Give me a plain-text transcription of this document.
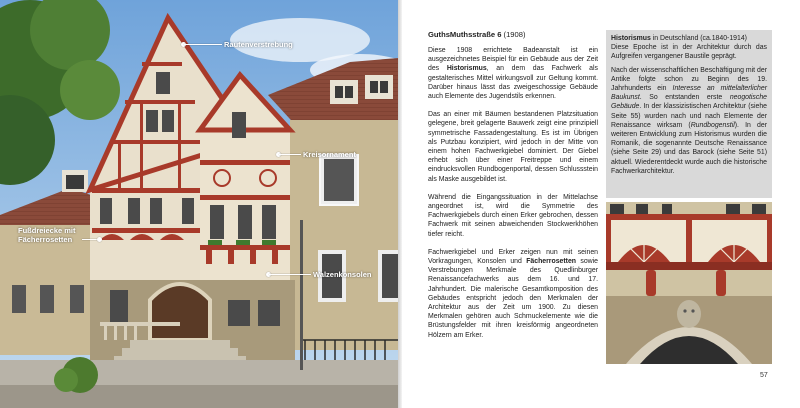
Rautenverstrebung
Kreisornament
Fußdreiecke mit
Fächerrosetten
Walzenkonsolen
GuthsMuthsstraße 6 (1908)

Diese 1908 errichtete Badeanstalt ist ein ausgezeichnetes Beispiel für ein Gebäude aus der Zeit des Historismus, an dem das Fachwerk als gestalterisches Mittel wirkungsvoll zur Geltung kommt. Darüber hinaus lässt das zweigeschossige Gebäude auch Elemente des Jugendstils erkennen.

Das an einer mit Bäumen bestandenen Platzsituation gelegene, breit gelagerte Bauwerk zeigt eine prinzipiell symmetrische Fassadengestaltung. Es ist im Übrigen als Putzbau konzipiert, wird jedoch in der Mitte von einem hohen Fachwerkgiebel dominiert. Der Giebel erhebt sich über einer Freitreppe und einem eindrucksvollen Rundbogenportal, dessen Schlussstein als Maske ausgebildet ist.

Während die Eingangssituation in der Mittelachse angeordnet ist, wird die Symmetrie des Fachwerkgiebels durch einen Erker gebrochen, dessen Fachwerk mit seinen abweichenden Stockwerkhöhen tiefer reicht.

Fachwerkgiebel und Erker zeigen nun mit seinen Vorkragungen, Konsolen und Fächerrosetten sowie Verstrebungen Merkmale des Quedlinburger Renaissancefachwerks aus dem 16. und 17. Jahrhundert. Die malerische Gesamtkomposition des Gebäudes entspricht jedoch den Merkmalen der Architektur aus der Zeit um 1900. Zu diesen Merkmalen gehören auch Schmuckelemente wie die Brüstungsfelder mit ihren kreisförmig angeordneten Hölzern am Erker.

Historismus in Deutschland (ca.1840-1914)

Diese Epoche ist in der Architektur durch das Aufgreifen vergangener Baustile geprägt.

Nach der wissenschaftlichen Beschäftigung mit der Antike folgte schon zu Beginn des 19. Jahrhunderts ein Interesse an mittelalterlicher Baukunst. So entstanden erste neogotische Gebäude. In der klassizistischen Architektur (siehe Seite 55) wurden nach und nach Elemente der Renaissance wirksam (Rundbogenstil). In der weiteren Entwicklung zum Historismus wurden die Romanik, die sogenannte Deutsche Renaissance (siehe Seite 29) und das Barock (siehe Seite 51) aktuell. Wiederentdeckt wurde auch die historische Fachwerkarchitektur.

57
